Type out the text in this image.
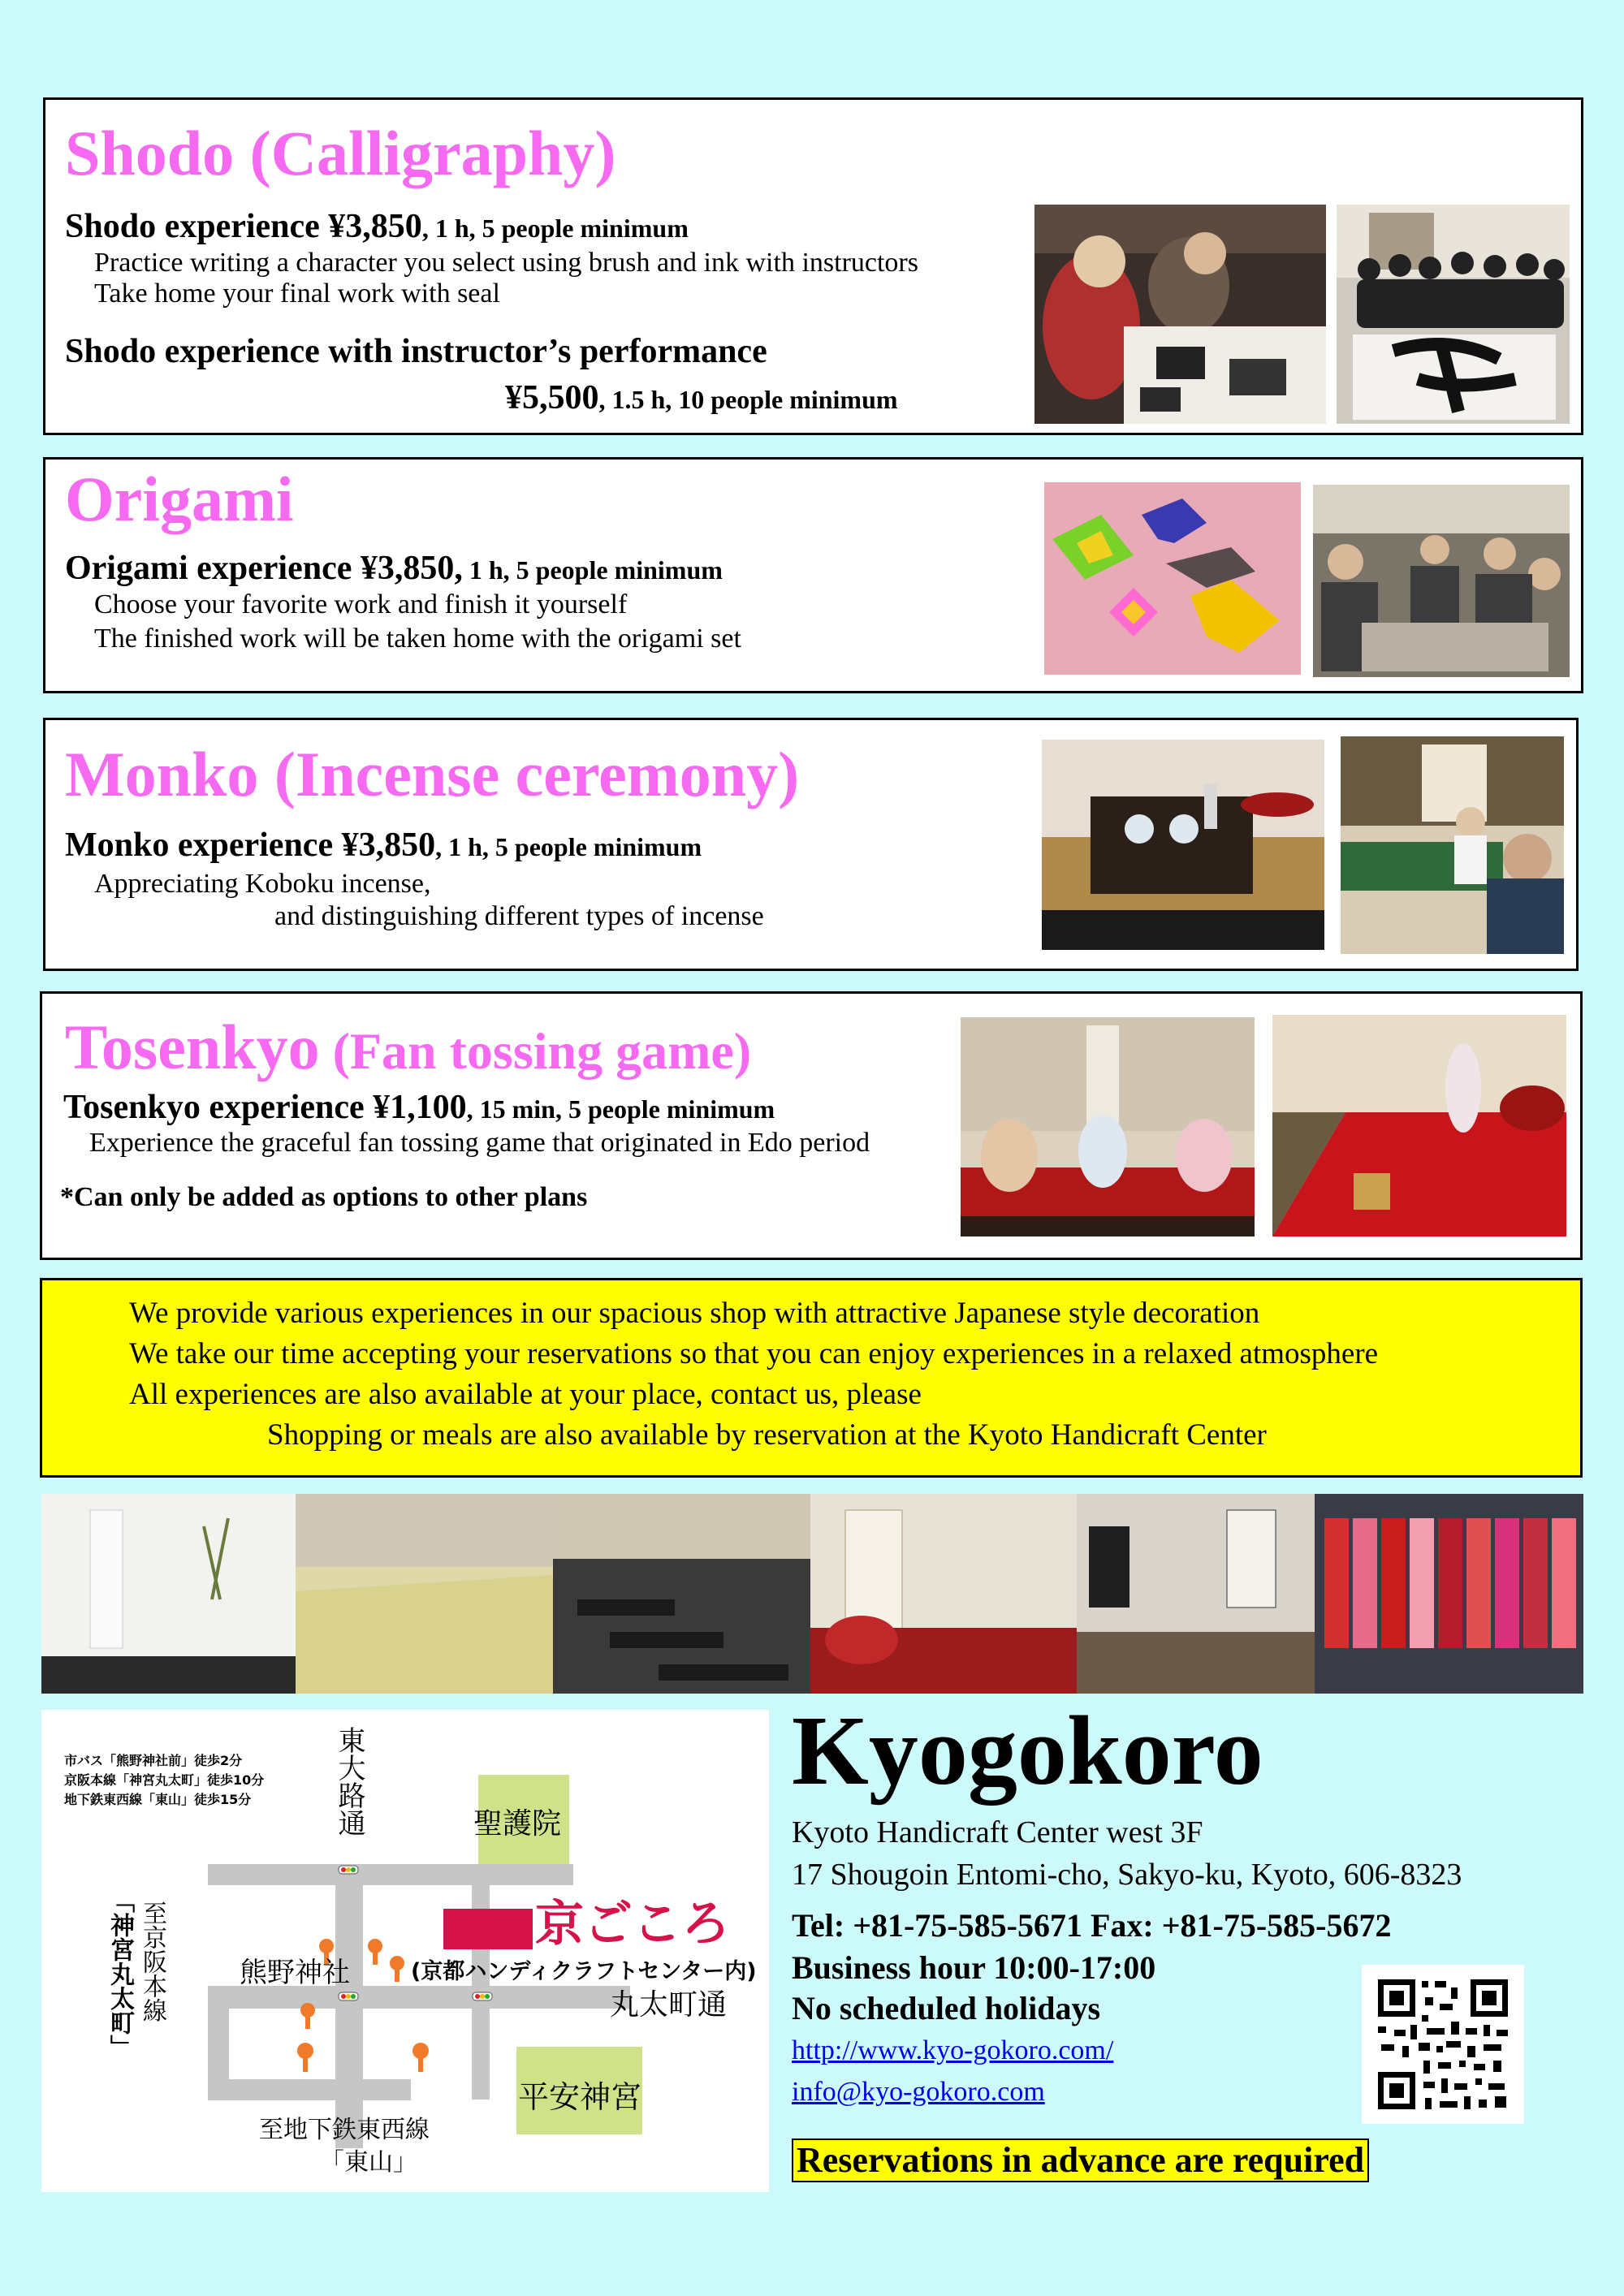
Shodo (Calligraphy)
Shodo experience ¥3,850, 1 h, 5 people minimum
Practice writing a character you select using brush and ink with instructors
Take home your final work with seal
Shodo experience with instructor’s performance
¥5,500, 1.5 h, 10 people minimum
Origami
Origami experience ¥3,850, 1 h, 5 people minimum
Choose your favorite work and finish it yourself
The finished work will be taken home with the origami set
Monko (Incense ceremony)
Monko experience ¥3,850, 1 h, 5 people minimum
Appreciating Koboku incense,
and distinguishing different types of incense
Tosenkyo (Fan tossing game)
Tosenkyo experience ¥1,100, 15 min, 5 people minimum
Experience the graceful fan tossing game that originated in Edo period
*Can only be added as options to other plans
We provide various experiences in our spacious shop with attractive Japanese style decoration
We take our time accepting your reservations so that you can enjoy experiences in a relaxed atmosphere
All experiences are also available at your place, contact us, please
Shopping or meals are also available by reservation at the Kyoto Handicraft Center
市バス「熊野神社前」徒歩2分
京阪本線「神宮丸太町」徒歩10分
地下鉄東西線「東山」徒歩15分	東大路通	聖護院
京ごころ
(京都ハンディクラフトセンター内)
熊野神社
丸太町通
至京阪本線
「神宮丸太町」
平安神宮
至地下鉄東西線
「東山」
Kyogokoro
Kyoto Handicraft Center west 3F
17 Shougoin Entomi-cho, Sakyo-ku, Kyoto, 606-8323
Tel: +81-75-585-5671 Fax: +81-75-585-5672
Business hour 10:00-17:00
No scheduled holidays
http://www.kyo-gokoro.com/
info@kyo-gokoro.com
Reservations in advance are required
